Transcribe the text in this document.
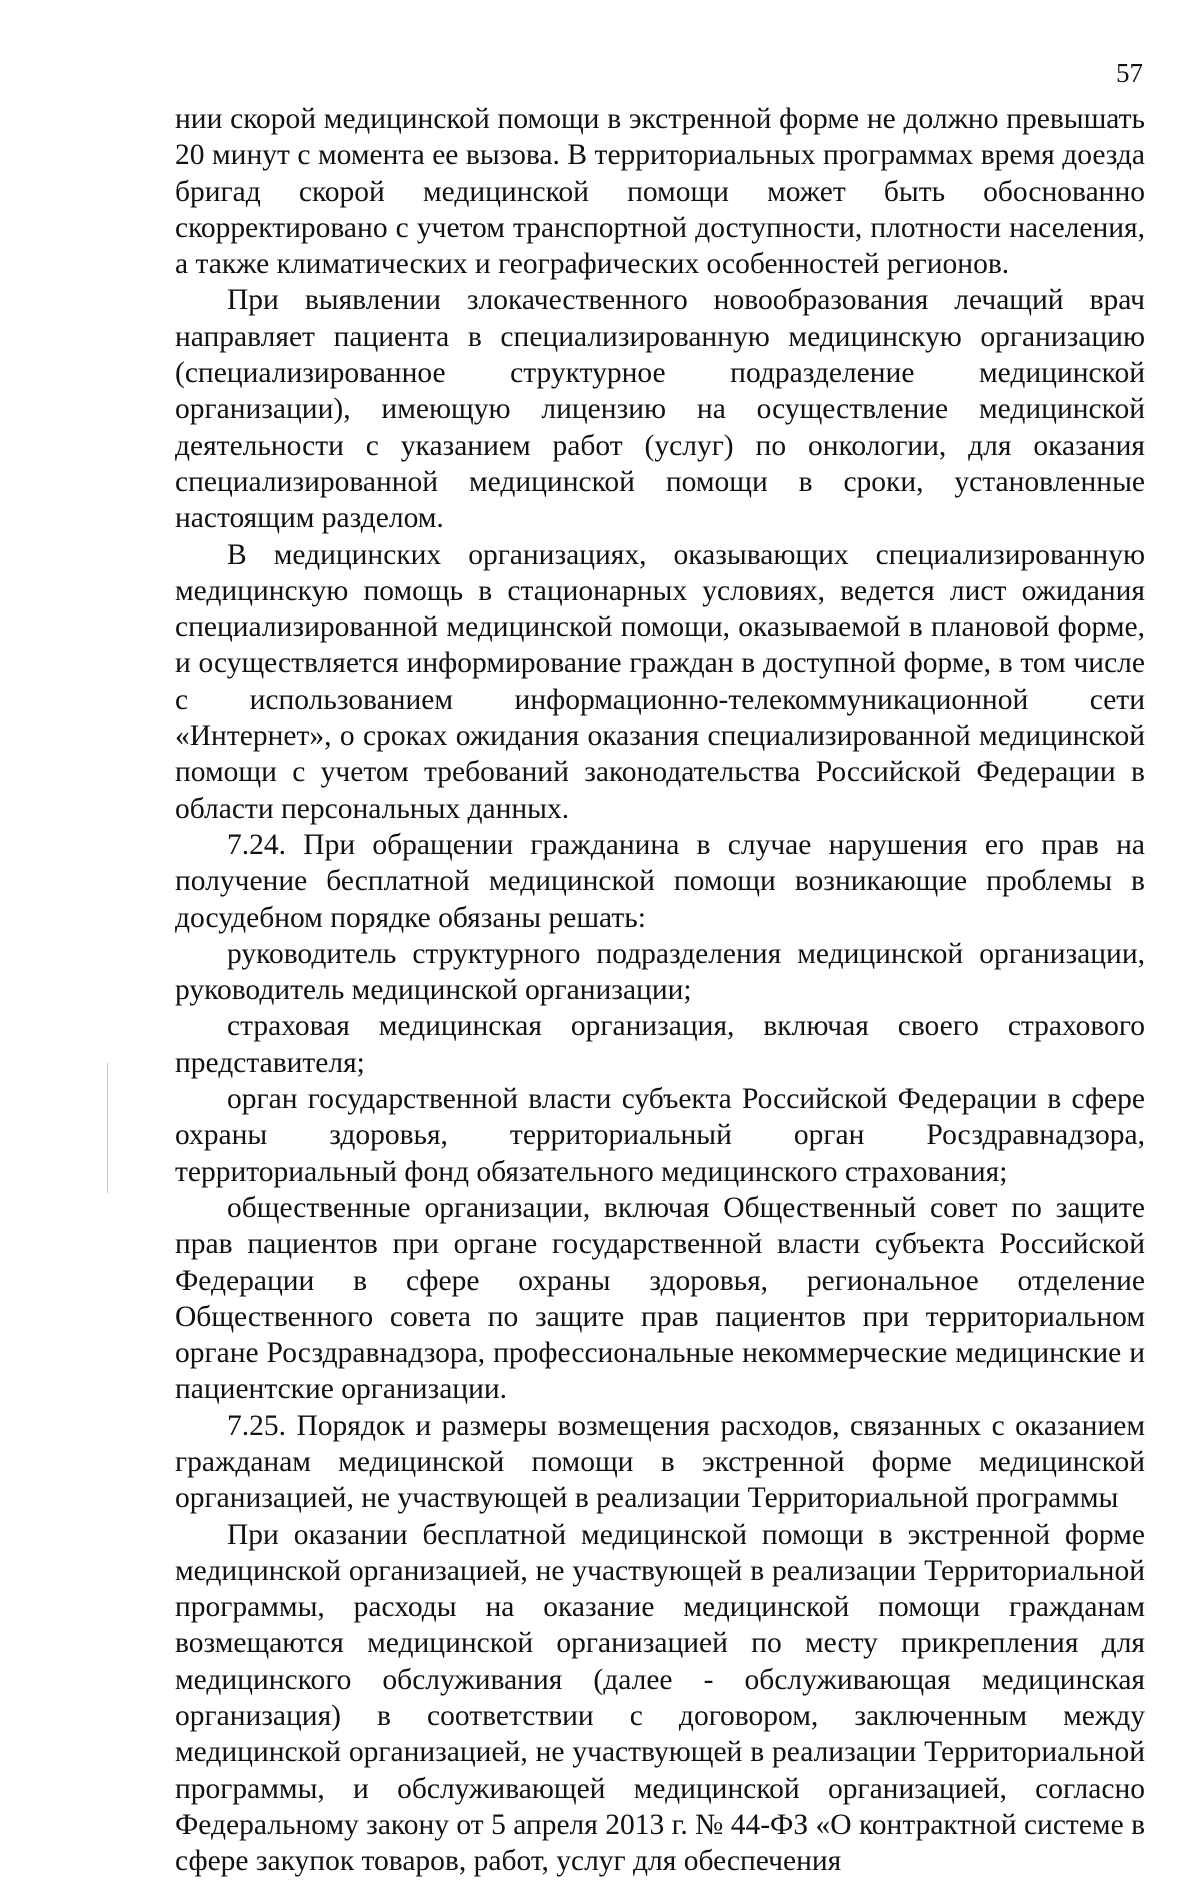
57

нии скорой медицинской помощи в экстренной форме не должно превышать 20 минут с момента ее вызова. В территориальных программах время доезда бригад скорой медицинской помощи может быть обоснованно скорректировано с учетом транспортной доступности, плотности населения, а также климатических и географических особенностей регионов.

При выявлении злокачественного новообразования лечащий врач направляет пациента в специализированную медицинскую организацию (специализированное структурное подразделение медицинской организации), имеющую лицензию на осуществление медицинской деятельности с указанием работ (услуг) по онкологии, для оказания специализированной медицинской помощи в сроки, установленные настоящим разделом.

В медицинских организациях, оказывающих специализированную медицинскую помощь в стационарных условиях, ведется лист ожидания специализированной медицинской помощи, оказываемой в плановой форме, и осуществляется информирование граждан в доступной форме, в том числе с использованием информационно-телекоммуникационной сети «Интернет», о сроках ожидания оказания специализированной медицинской помощи с учетом требований законодательства Российской Федерации в области персональных данных.

7.24. При обращении гражданина в случае нарушения его прав на получение бесплатной медицинской помощи возникающие проблемы в досудебном порядке обязаны решать:

руководитель структурного подразделения медицинской организации, руководитель медицинской организации;

страховая медицинская организация, включая своего страхового представителя;

орган государственной власти субъекта Российской Федерации в сфере охраны здоровья, территориальный орган Росздравнадзора, территориальный фонд обязательного медицинского страхования;

общественные организации, включая Общественный совет по защите прав пациентов при органе государственной власти субъекта Российской Федерации в сфере охраны здоровья, региональное отделение Общественного совета по защите прав пациентов при территориальном органе Росздравнадзора, профессиональные некоммерческие медицинские и пациентские организации.

7.25. Порядок и размеры возмещения расходов, связанных с оказанием гражданам медицинской помощи в экстренной форме медицинской организацией, не участвующей в реализации Территориальной программы

При оказании бесплатной медицинской помощи в экстренной форме медицинской организацией, не участвующей в реализации Территориальной программы, расходы на оказание медицинской помощи гражданам возмещаются медицинской организацией по месту прикрепления для медицинского обслуживания (далее - обслуживающая медицинская организация) в соответствии с договором, заключенным между медицинской организацией, не участвующей в реализации Территориальной программы, и обслуживающей медицинской организацией, согласно Федеральному закону от 5 апреля 2013 г. № 44-ФЗ «О контрактной системе в сфере закупок товаров, работ, услуг для обеспечения
